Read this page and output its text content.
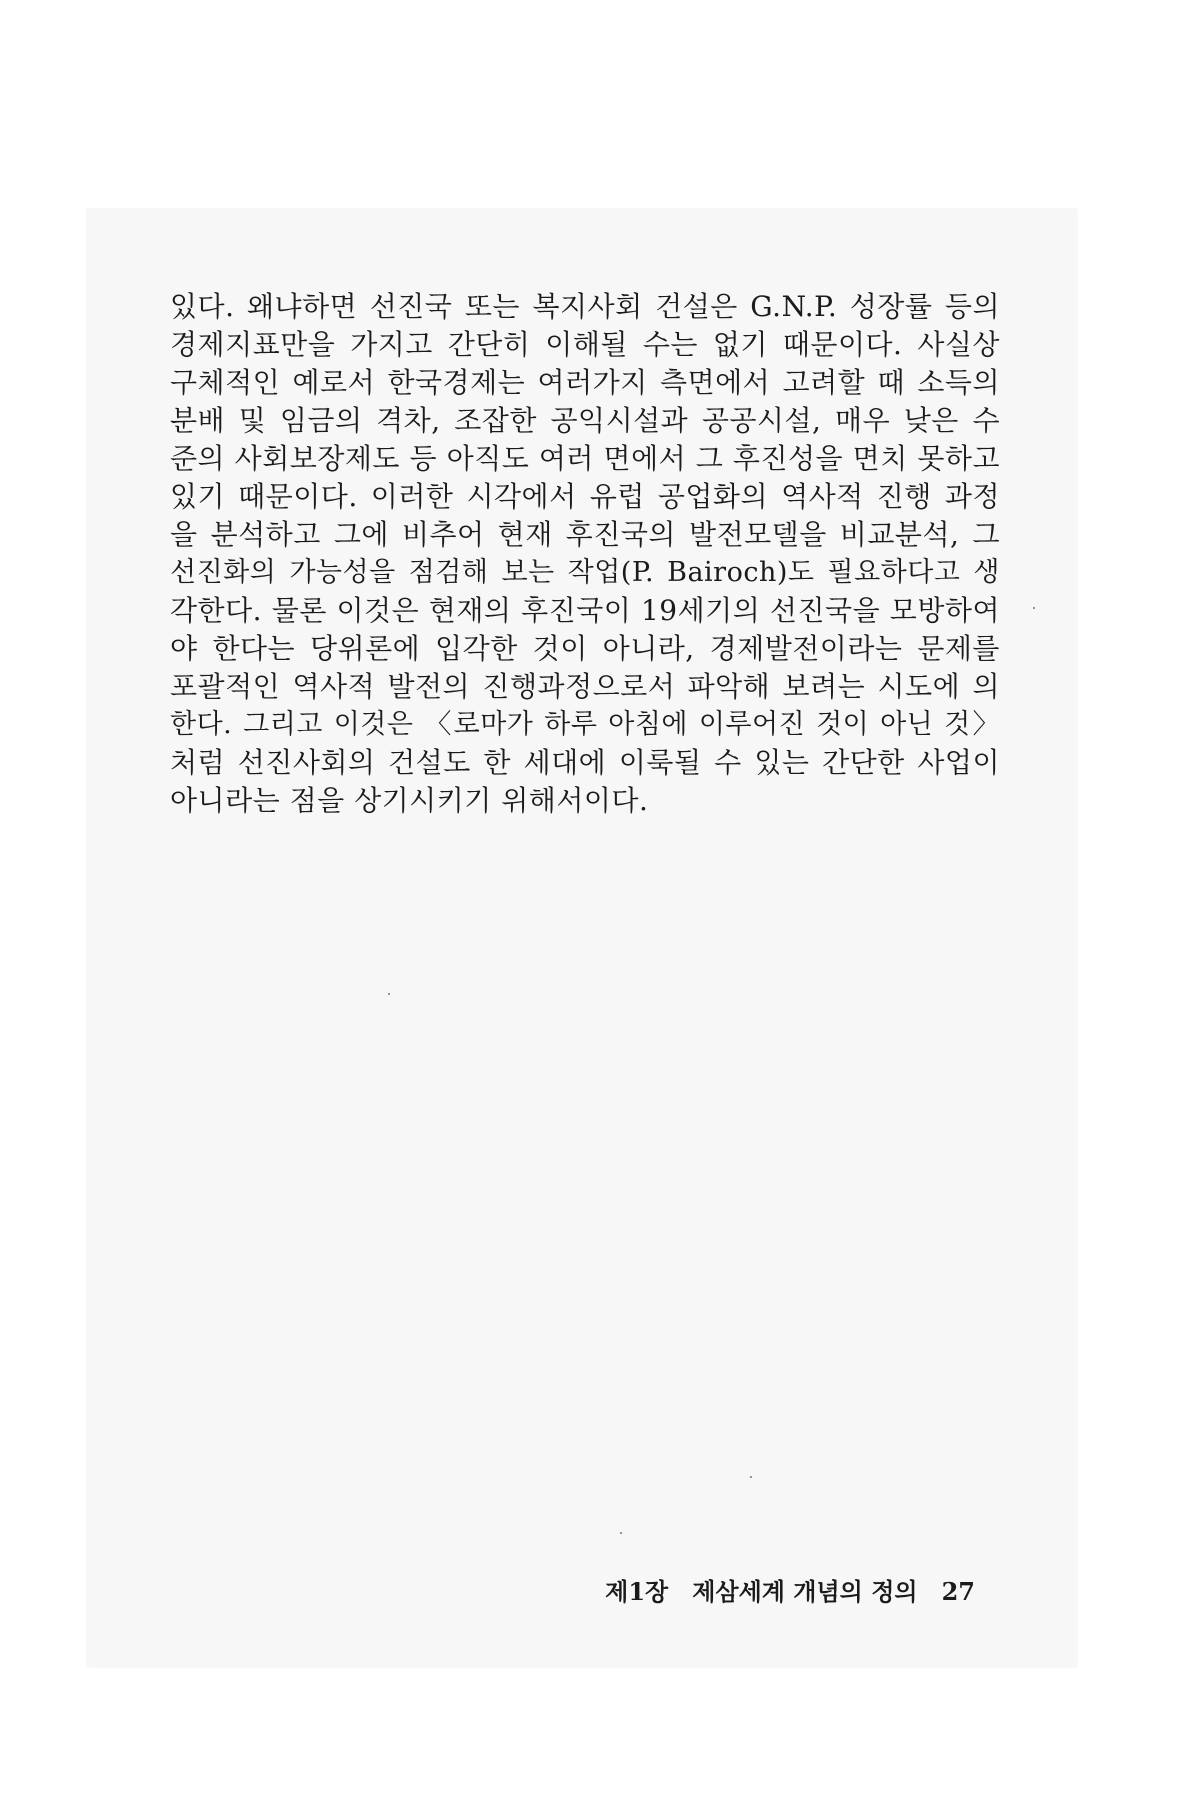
있다. 왜냐하면 선진국 또는 복지사회 건설은 G.N.P. 성장률 등의
경제지표만을 가지고 간단히 이해될 수는 없기 때문이다. 사실상
구체적인 예로서 한국경제는 여러가지 측면에서 고려할 때 소득의
분배 및 임금의 격차, 조잡한 공익시설과 공공시설, 매우 낮은 수
준의 사회보장제도 등 아직도 여러 면에서 그 후진성을 면치 못하고
있기 때문이다. 이러한 시각에서 유럽 공업화의 역사적 진행 과정
을 분석하고 그에 비추어 현재 후진국의 발전모델을 비교분석, 그
선진화의 가능성을 점검해 보는 작업(P. Bairoch)도 필요하다고 생
각한다. 물론 이것은 현재의 후진국이 19세기의 선진국을 모방하여
야 한다는 당위론에 입각한 것이 아니라, 경제발전이라는 문제를
포괄적인 역사적 발전의 진행과정으로서 파악해 보려는 시도에 의
한다. 그리고 이것은 〈로마가 하루 아침에 이루어진 것이 아닌 것〉
처럼 선진사회의 건설도 한 세대에 이룩될 수 있는 간단한 사업이
아니라는 점을 상기시키기 위해서이다.
제1장 제삼세계 개념의 정의 27
